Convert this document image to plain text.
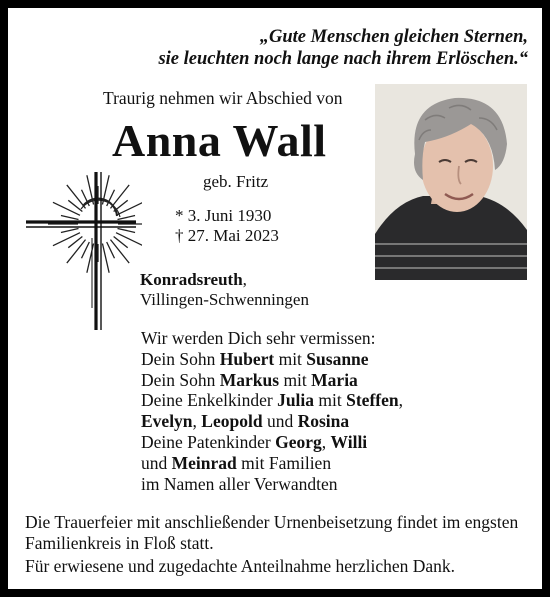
„Gute Menschen gleichen Sternen,
sie leuchten noch lange nach ihrem Erlöschen.“
Traurig nehmen wir Abschied von
Anna Wall
geb. Fritz
* 3. Juni 1930
† 27. Mai 2023
Konradsreuth,
Villingen-Schwenningen
Wir werden Dich sehr vermissen:
Dein Sohn Hubert mit Susanne
Dein Sohn Markus mit Maria
Deine Enkelkinder Julia mit Steffen,
Evelyn, Leopold und Rosina
Deine Patenkinder Georg, Willi
und Meinrad mit Familien
im Namen aller Verwandten
Die Trauerfeier mit anschließender Urnenbeisetzung findet im engsten Familienkreis in Floß statt.
Für erwiesene und zugedachte Anteilnahme herzlichen Dank.
